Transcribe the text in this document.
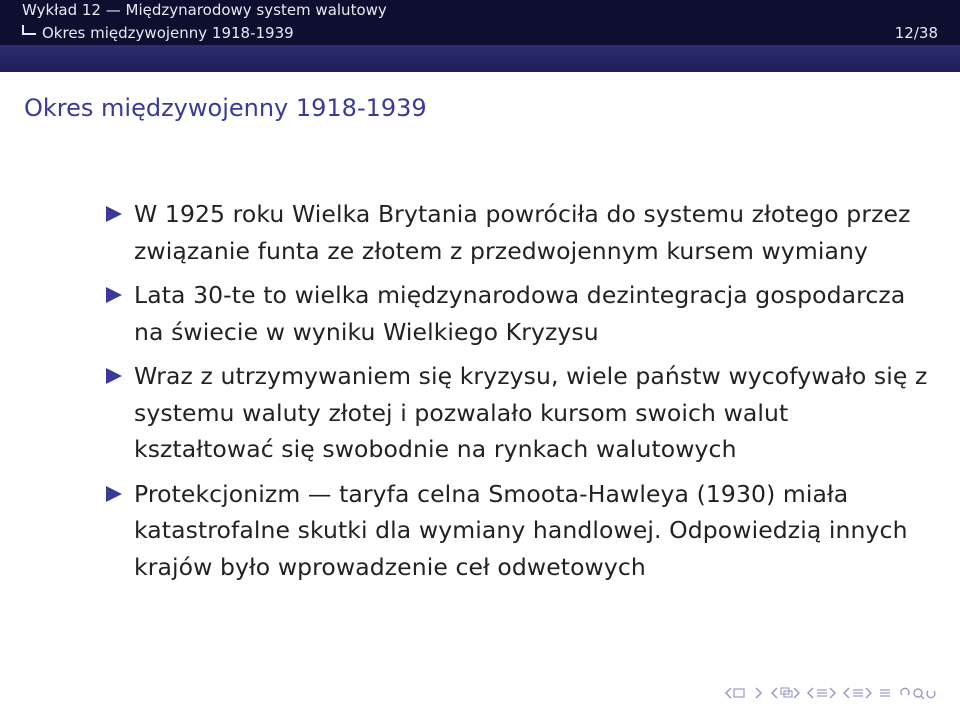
Wykład 12 — Międzynarodowy system walutowy
Okres międzywojenny 1918-1939	12/38
Okres międzywojenny 1918-1939
W 1925 roku Wielka Brytania powróciła do systemu złotego przez związanie funta ze złotem z przedwojennym kursem wymiany
Lata 30-te to wielka międzynarodowa dezintegracja gospodarcza na świecie w wyniku Wielkiego Kryzysu
Wraz z utrzymywaniem się kryzysu, wiele państw wycofywało się z systemu waluty złotej i pozwalało kursom swoich walut kształtować się swobodnie na rynkach walutowych
Protekcjonizm — taryfa celna Smoota-Hawleya (1930) miała katastrofalne skutki dla wymiany handlowej. Odpowiedzią innych krajów było wprowadzenie ceł odwetowych
